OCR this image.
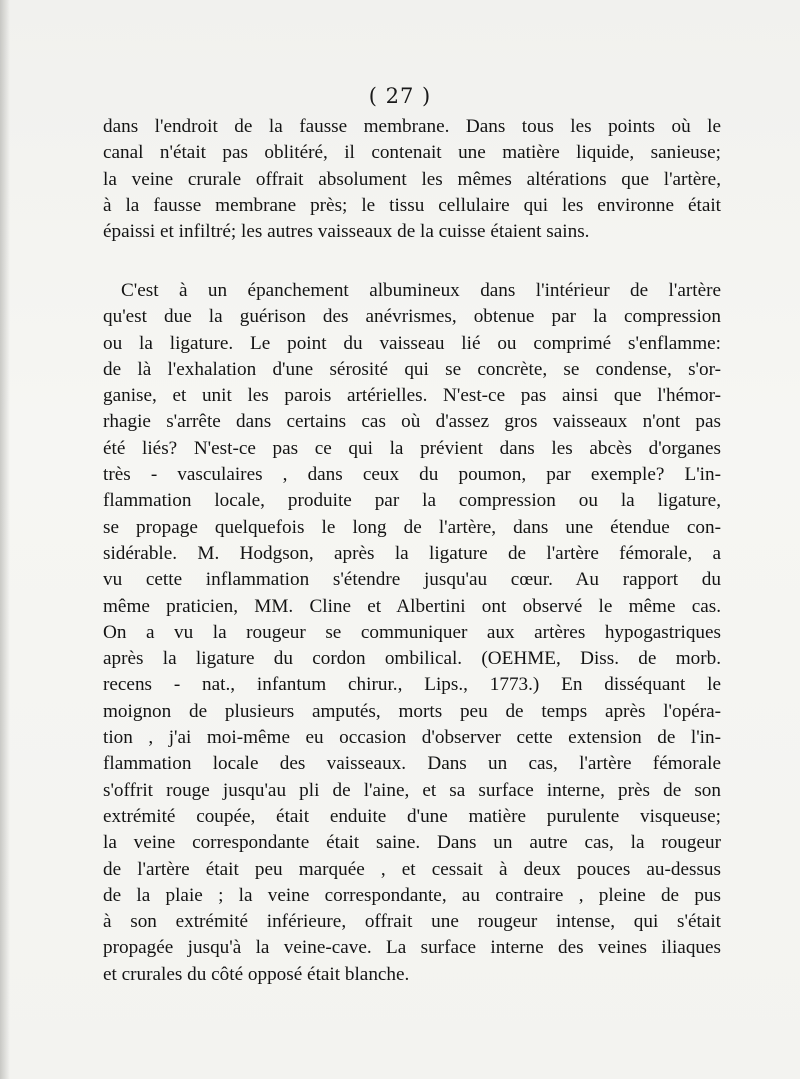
( 27 )
dans l'endroit de la fausse membrane. Dans tous les points où le
canal n'était pas oblitéré, il contenait une matière liquide, sanieuse;
la veine crurale offrait absolument les mêmes altérations que l'artère,
à la fausse membrane près; le tissu cellulaire qui les environne était
épaissi et infiltré; les autres vaisseaux de la cuisse étaient sains.
C'est à un épanchement albumineux dans l'intérieur de l'artère
qu'est due la guérison des anévrismes, obtenue par la compression
ou la ligature. Le point du vaisseau lié ou comprimé s'enflamme:
de là l'exhalation d'une sérosité qui se concrète, se condense, s'or-
ganise, et unit les parois artérielles. N'est-ce pas ainsi que l'hémor-
rhagie s'arrête dans certains cas où d'assez gros vaisseaux n'ont pas
été liés? N'est-ce pas ce qui la prévient dans les abcès d'organes
très - vasculaires , dans ceux du poumon, par exemple? L'in-
flammation locale, produite par la compression ou la ligature,
se propage quelquefois le long de l'artère, dans une étendue con-
sidérable. M. Hodgson, après la ligature de l'artère fémorale, a
vu cette inflammation s'étendre jusqu'au cœur. Au rapport du
même praticien, MM. Cline et Albertini ont observé le même cas.
On a vu la rougeur se communiquer aux artères hypogastriques
après la ligature du cordon ombilical. (OEHME, Diss. de morb.
recens - nat., infantum chirur., Lips., 1773.) En disséquant le
moignon de plusieurs amputés, morts peu de temps après l'opéra-
tion , j'ai moi-même eu occasion d'observer cette extension de l'in-
flammation locale des vaisseaux. Dans un cas, l'artère fémorale
s'offrit rouge jusqu'au pli de l'aine, et sa surface interne, près de son
extrémité coupée, était enduite d'une matière purulente visqueuse;
la veine correspondante était saine. Dans un autre cas, la rougeur
de l'artère était peu marquée , et cessait à deux pouces au-dessus
de la plaie ; la veine correspondante, au contraire , pleine de pus
à son extrémité inférieure, offrait une rougeur intense, qui s'était
propagée jusqu'à la veine-cave. La surface interne des veines iliaques
et crurales du côté opposé était blanche.
